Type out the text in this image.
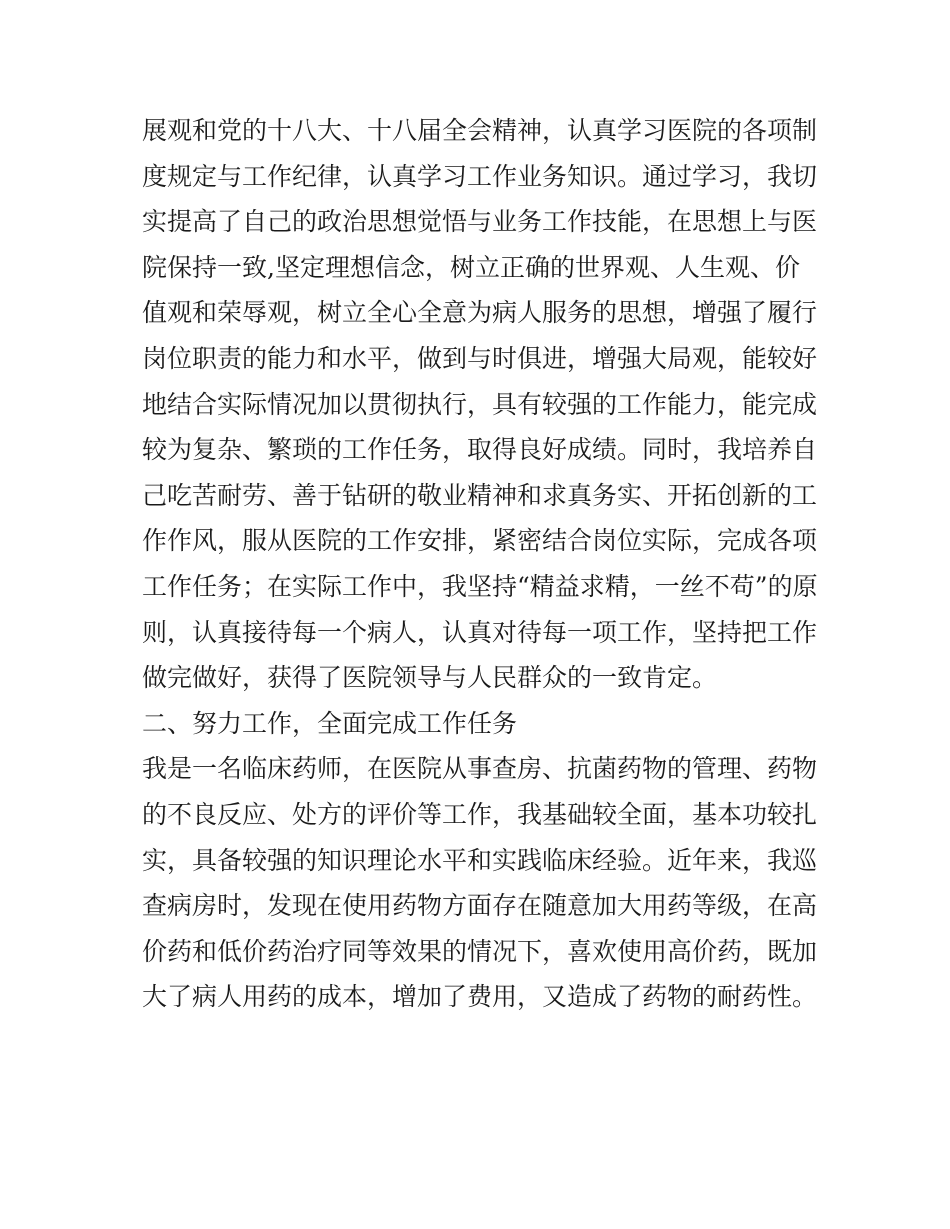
展观和党的十八大、十八届全会精神，认真学习医院的各项制
度规定与工作纪律，认真学习工作业务知识。通过学习，我切
实提高了自己的政治思想觉悟与业务工作技能，在思想上与医
院保持一致,坚定理想信念，树立正确的世界观、人生观、价
值观和荣辱观，树立全心全意为病人服务的思想，增强了履行
岗位职责的能力和水平，做到与时俱进，增强大局观，能较好
地结合实际情况加以贯彻执行，具有较强的工作能力，能完成
较为复杂、繁琐的工作任务，取得良好成绩。同时，我培养自
己吃苦耐劳、善于钻研的敬业精神和求真务实、开拓创新的工
作作风，服从医院的工作安排，紧密结合岗位实际，完成各项
工作任务；在实际工作中，我坚持“精益求精，一丝不苟”的原
则，认真接待每一个病人，认真对待每一项工作，坚持把工作
做完做好，获得了医院领导与人民群众的一致肯定。
二、努力工作，全面完成工作任务
我是一名临床药师，在医院从事查房、抗菌药物的管理、药物
的不良反应、处方的评价等工作，我基础较全面，基本功较扎
实，具备较强的知识理论水平和实践临床经验。近年来，我巡
查病房时，发现在使用药物方面存在随意加大用药等级，在高
价药和低价药治疗同等效果的情况下，喜欢使用高价药，既加
大了病人用药的成本，增加了费用，又造成了药物的耐药性。
